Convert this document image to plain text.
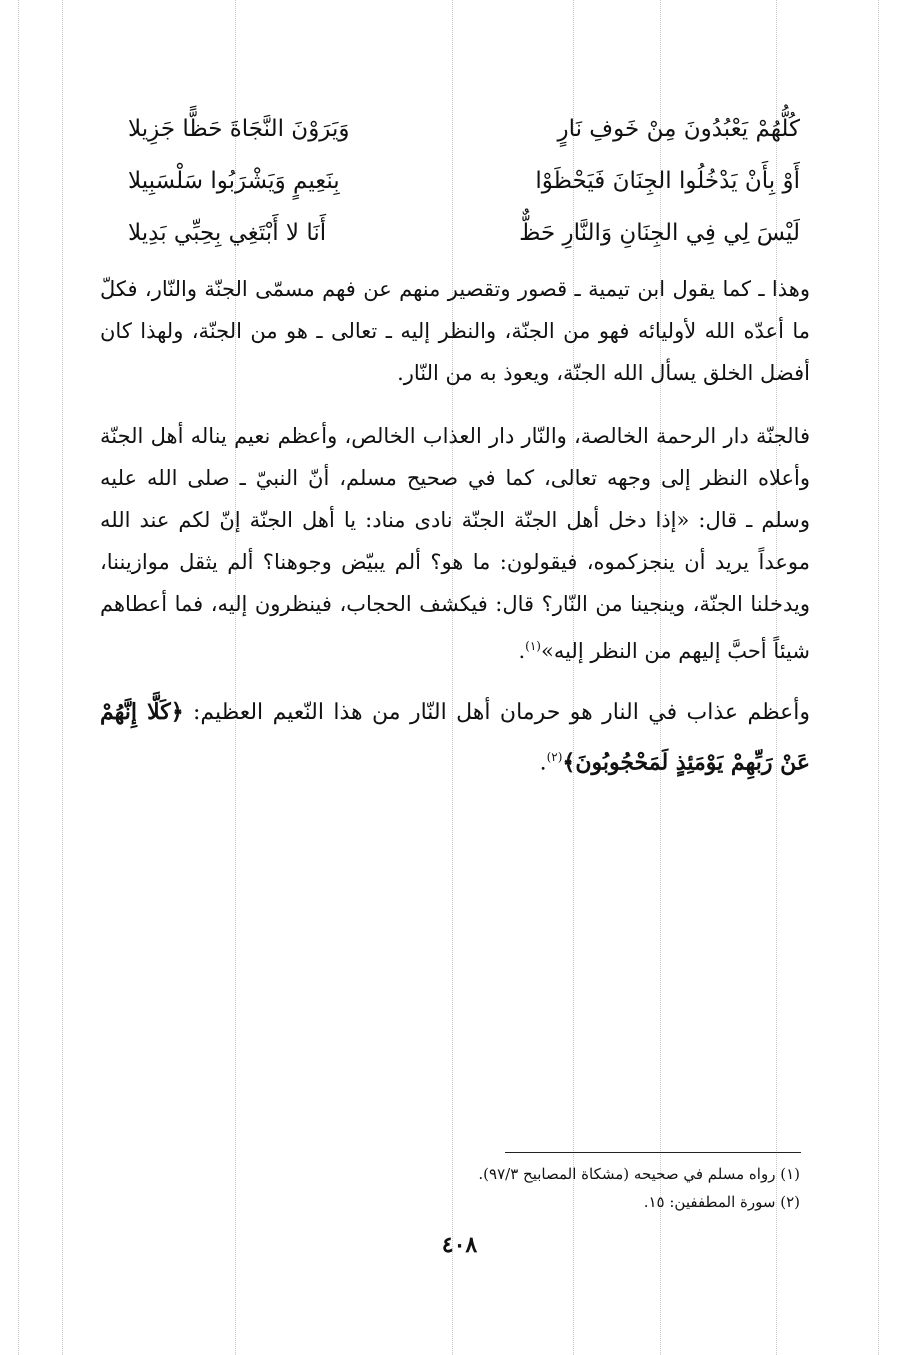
كُلُّهُمْ يَعْبُدُونَ مِنْ خَوفِ نَارٍ
وَيَرَوْنَ النَّجَاةَ حَظًّا جَزِيلا
أَوْ بِأَنْ يَدْخُلُوا الجِنَانَ فَيَحْظَوْا
بِنَعِيمٍ وَيَشْرَبُوا سَلْسَبِيلا
لَيْسَ لِي فِي الجِنَانِ وَالنَّارِ حَظٌّ
أَنَا لا أَبْتَغِي بِحِبِّي بَدِيلا

وهذا ـ كما يقول ابن تيمية ـ قصور وتقصير منهم عن فهم مسمّى الجنّة والنّار، فكلّ ما أعدّه الله لأوليائه فهو من الجنّة، والنظر إليه ـ تعالى ـ هو من الجنّة، ولهذا كان أفضل الخلق يسأل الله الجنّة، ويعوذ به من النّار.

فالجنّة دار الرحمة الخالصة، والنّار دار العذاب الخالص، وأعظم نعيم يناله أهل الجنّة وأعلاه النظر إلى وجهه تعالى، كما في صحيح مسلم، أنّ النبيّ ـ صلى الله عليه وسلم ـ قال: «إذا دخل أهل الجنّة الجنّة نادى مناد: يا أهل الجنّة إنّ لكم عند الله موعداً يريد أن ينجزكموه، فيقولون: ما هو؟ ألم يبيّض وجوهنا؟ ألم يثقل موازيننا، ويدخلنا الجنّة، وينجينا من النّار؟ قال: فيكشف الحجاب، فينظرون إليه، فما أعطاهم شيئاً أحبَّ إليهم من النظر إليه»$^{(١)}$.

وأعظم عذاب في النار هو حرمان أهل النّار من هذا النّعيم العظيم: ﴿كَلَّا إِنَّهُمْ عَنْ رَبِّهِمْ يَوْمَئِذٍ لَمَحْجُوبُونَ﴾$^{(٢)}$.

(١) رواه مسلم في صحيحه (مشكاة المصابيح ٩٧/٣).
(٢) سورة المطففين: ١٥.
٤٠٨
